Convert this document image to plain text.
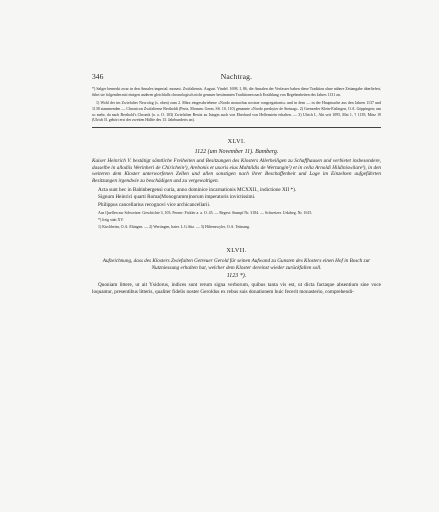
346	Nachtrag.

*) Salger bemerkt zwar in den Annales imperial. monast. Zwifaltensis. August. Vindel. 1698, I, 86, die Annalen der Verfasser haben diese Tradition ohne nähere Zeitangabe überliefert, führt sie folgenden mit einigen anderen gleichfalls chronologisch nicht genauer bestimmten Traditionen nach Erzählung von Begebenheiten des Jahres 1131 an.

1) Wohl der im Zwiefalter Necrolog (s. oben) zum 2. März eingeschriebene «Nordo monachus nostrae congregationis» und in dem — in der Hauptsache aus den Jahren 1137 und 1138 stammenden — Chronicon Zwifaltense Bertholdi (Pertz, Monum. Germ. SS. 10, 110) genannte «Nordo presbyter de Steinag». 2) Grenzeder Klein-Eislingen, O.A. Göppingen; um so mehr, da nach Berthold's Chronik (a. a. O. 103) Zwiefalten Besitz zu Isingin auch von Eberhard von Hellenstein erhalten. — 3) Ulrich I., Abt seit 1095, Mai 1, † 1139, März 19 (Ulrich II. gehört erst der zweiten Hälfte des 13. Jahrhunderts an).

XLVI.

1122 (um November 11). Bamberg.

Kaiser Heinrich V. bestätigt sämtliche Freiheiten und Besitzungen des Klosters Allerheiligen zu Schaffhausen und verbietet insbesondere, dasselbe in allodiis Werinheri de Chirichein¹), Arebonis et uxoris eius Mahtildis de Wertungin²) et in cella Arnoldi Hildiniswilare³), in den weiteren dem Kloster unterworfenen Zellen und allen sonstigen nach ihrer Beschaffenheit und Lage im Einzelnen aufgeführten Besitzungen irgendwie zu beschädigen und zu vergewaltigen.

Acta sunt hec in Babinbergensi curia, anno dominice incarnationis MCXXII., indictione XII *).

Signum Heinrici quarti Roma(Monogramm)norum imperatoris invictissimi.

Philippus cancellarius recognovi vice archicancellarii.

Aus Quellen zur Schweizer. Geschichte 3, 103. Ferner: Fickler a. a. O. 45. — Regest: Stumpf Nr. 3184. — Schweizer. Urkdreg. Nr. 1615.

*) Irrig statt XV.

1) Kirchheim, O.A. Ehingen. — 2) Wertingen, baier. L.G.Sitz. — 3) Hiltenswyler, O.A. Tettnang.

XLVII.

Aufzeichnung, dass des Klosters Zwiefalten Getreuer Gerold für seinen Aufwand zu Gunsten des Klosters einen Hof in Bosch zur Nutzniessung erhalten hat, welcher dem Kloster dereinst wieder zurückfallen soll.

1123 *).

Quoniam littere, ut ait Ysidorus, indices sunt rerum signa verborum, quibus tanta vis est, ut dicta factaque absentium sine voce loquantur, presentibus litteris, qualiter fidelis noster Geroldus ex rebus suis donationem huic fecerit monasterio, comprehendi-
